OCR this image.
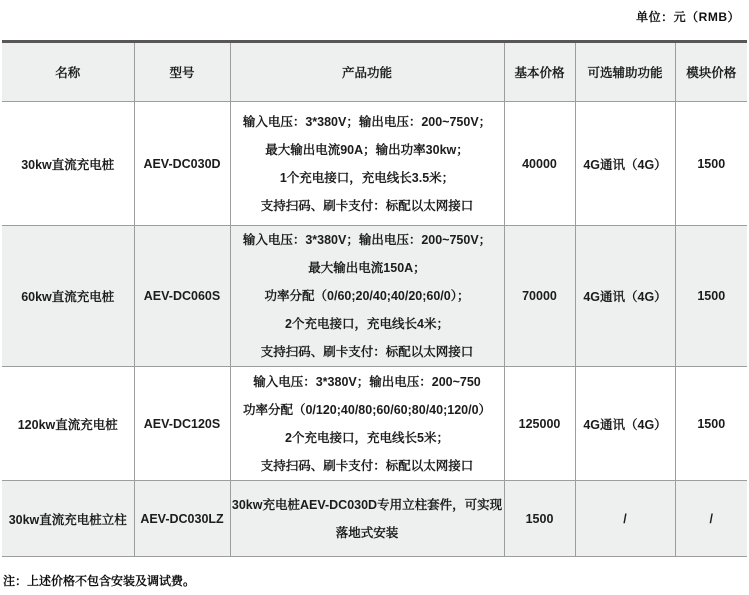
单位：元（RMB）
名称	型号	产品功能	基本价格	可选辅助功能	模块价格
30kw直流充电桩	AEV-DC030D	输入电压：3*380V；输出电压：200~750V；

最大输出电流90A；输出功率30kw；

1个充电接口，充电线长3.5米；

支持扫码、刷卡支付：标配以太网接口	40000	4G通讯（4G）	1500
60kw直流充电桩	AEV-DC060S	输入电压：3*380V；输出电压：200~750V；

最大输出电流150A；

功率分配（0/60;20/40;40/20;60/0）；

2个充电接口，充电线长4米；

支持扫码、刷卡支付：标配以太网接口	70000	4G通讯（4G）	1500
120kw直流充电桩	AEV-DC120S	输入电压：3*380V；输出电压：200~750

功率分配（0/120;40/80;60/60;80/40;120/0）

2个充电接口，充电线长5米；

支持扫码、刷卡支付：标配以太网接口	125000	4G通讯（4G）	1500
30kw直流充电桩立柱	AEV-DC030LZ	30kw充电桩AEV-DC030D专用立柱套件，可实现落地式安装	1500	/	/
注：上述价格不包含安装及调试费。
